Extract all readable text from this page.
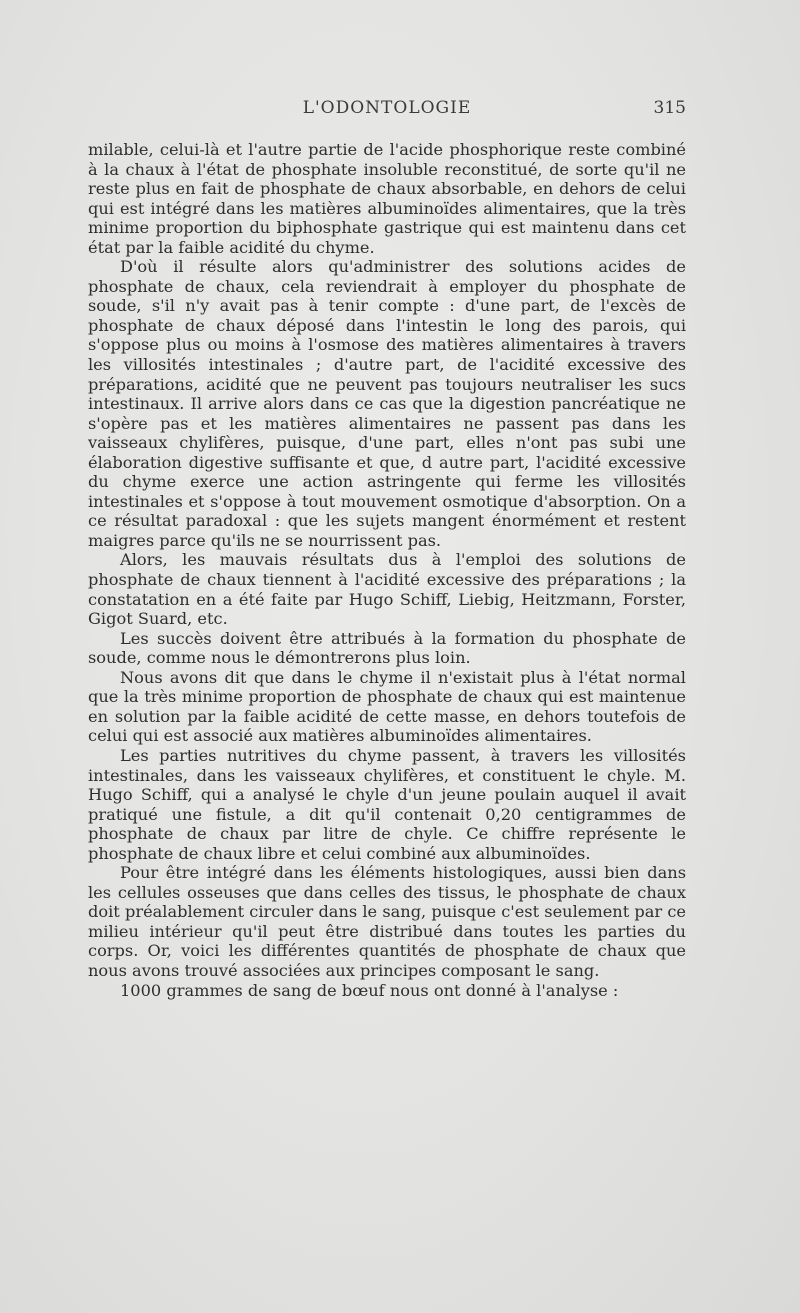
L'ODONTOLOGIE	315

milable, celui-là et l'autre partie de l'acide phosphorique reste combiné à la chaux à l'état de phosphate insoluble reconstitué, de sorte qu'il ne reste plus en fait de phosphate de chaux absorbable, en dehors de celui qui est intégré dans les matières albuminoïdes alimentaires, que la très minime proportion du biphosphate gastrique qui est maintenu dans cet état par la faible acidité du chyme.

D'où il résulte alors qu'administrer des solutions acides de phosphate de chaux, cela reviendrait à employer du phosphate de soude, s'il n'y avait pas à tenir compte : d'une part, de l'excès de phosphate de chaux déposé dans l'intestin le long des parois, qui s'oppose plus ou moins à l'osmose des matières alimentaires à travers les villosités intestinales ; d'autre part, de l'acidité excessive des préparations, acidité que ne peuvent pas toujours neutraliser les sucs intestinaux. Il arrive alors dans ce cas que la digestion pancréatique ne s'opère pas et les matières alimentaires ne passent pas dans les vaisseaux chylifères, puisque, d'une part, elles n'ont pas subi une élaboration digestive suffisante et que, d autre part, l'acidité excessive du chyme exerce une action astringente qui ferme les villosités intestinales et s'oppose à tout mouvement osmotique d'absorption. On a ce résultat paradoxal : que les sujets mangent énormément et restent maigres parce qu'ils ne se nourrissent pas.

Alors, les mauvais résultats dus à l'emploi des solutions de phosphate de chaux tiennent à l'acidité excessive des préparations ; la constatation en a été faite par Hugo Schiff, Liebig, Heitzmann, Forster, Gigot Suard, etc.

Les succès doivent être attribués à la formation du phosphate de soude, comme nous le démontrerons plus loin.

Nous avons dit que dans le chyme il n'existait plus à l'état normal que la très minime proportion de phosphate de chaux qui est maintenue en solution par la faible acidité de cette masse, en dehors toutefois de celui qui est associé aux matières albuminoïdes alimentaires.

Les parties nutritives du chyme passent, à travers les villosités intestinales, dans les vaisseaux chylifères, et constituent le chyle. M. Hugo Schiff, qui a analysé le chyle d'un jeune poulain auquel il avait pratiqué une fistule, a dit qu'il contenait 0,20 centigrammes de phosphate de chaux par litre de chyle. Ce chiffre représente le phosphate de chaux libre et celui combiné aux albuminoïdes.

Pour être intégré dans les éléments histologiques, aussi bien dans les cellules osseuses que dans celles des tissus, le phosphate de chaux doit préalablement circuler dans le sang, puisque c'est seulement par ce milieu intérieur qu'il peut être distribué dans toutes les parties du corps. Or, voici les différentes quantités de phosphate de chaux que nous avons trouvé associées aux principes composant le sang.

1000 grammes de sang de bœuf nous ont donné à l'analyse :
